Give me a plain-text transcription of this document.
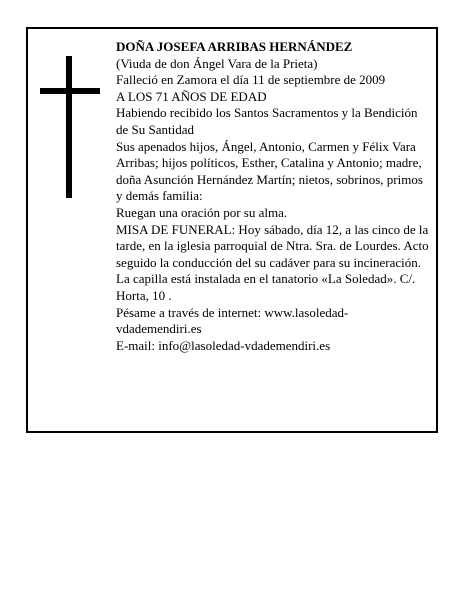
DOÑA JOSEFA ARRIBAS HERNÁNDEZ

(Viuda de don Ángel Vara de la Prieta)

Falleció en Zamora el día 11 de septiembre de 2009

A LOS 71 AÑOS DE EDAD

Habiendo recibido los Santos Sacramentos y la Bendición de Su Santidad

Sus apenados hijos, Ángel, Antonio, Carmen y Félix Vara Arribas; hijos políticos, Esther, Catalina y Antonio; madre, doña Asunción Hernández Martín; nietos, sobrinos, primos y demás familia:

Ruegan una oración por su alma.

MISA DE FUNERAL: Hoy sábado, día 12, a las cinco de la tarde, en la iglesia parroquial de Ntra. Sra. de Lourdes. Acto seguido la conducción del su cadáver para su incineración.

La capilla está instalada en el tanatorio «La Soledad». C/. Horta, 10 .

Pésame a través de internet: www.lasoledad-vdademendiri.es

E-mail: info@lasoledad-vdademendiri.es
